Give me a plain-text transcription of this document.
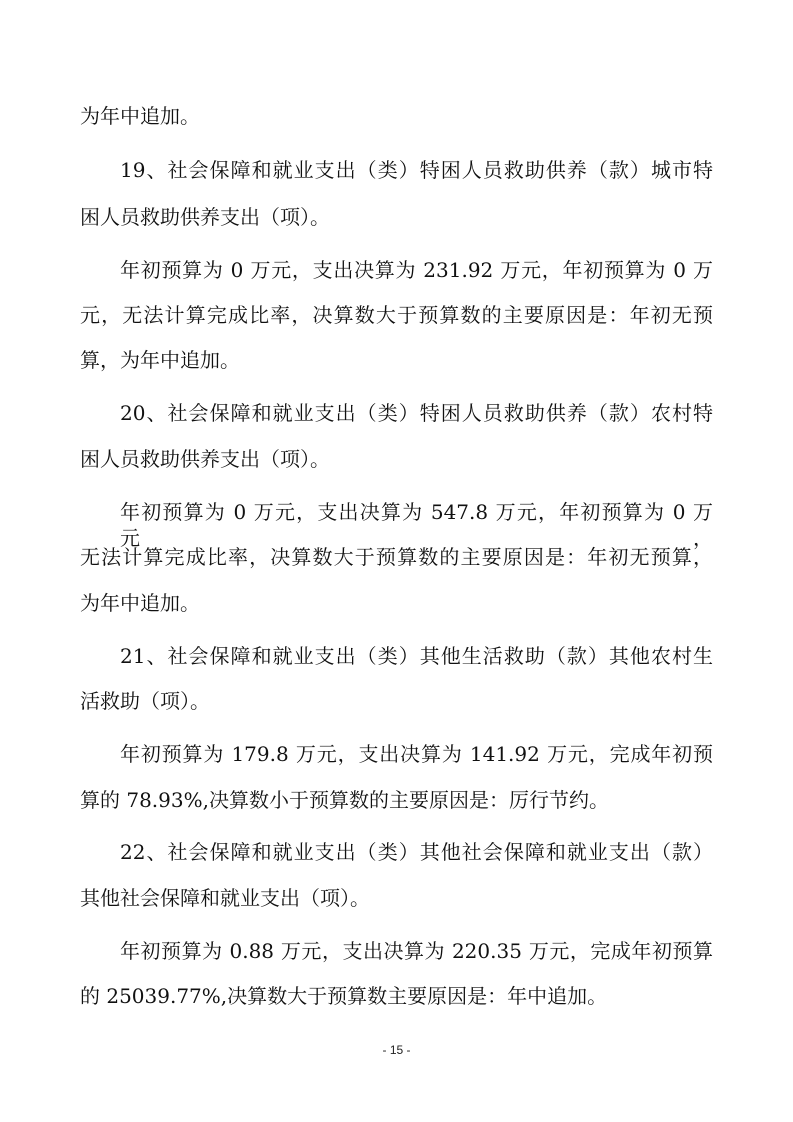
为年中追加。
19、社会保障和就业支出（类）特困人员救助供养（款）城市特
困人员救助供养支出（项）。
年初预算为 0 万元，支出决算为 231.92 万元，年初预算为 0 万
元，无法计算完成比率，决算数大于预算数的主要原因是：年初无预
算，为年中追加。
20、社会保障和就业支出（类）特困人员救助供养（款）农村特
困人员救助供养支出（项）。
年初预算为 0 万元，支出决算为 547.8 万元，年初预算为 0 万元，
无法计算完成比率，决算数大于预算数的主要原因是：年初无预算，
为年中追加。
21、社会保障和就业支出（类）其他生活救助（款）其他农村生
活救助（项）。
年初预算为 179.8 万元，支出决算为 141.92 万元，完成年初预
算的 78.93%,决算数小于预算数的主要原因是：厉行节约。
22、社会保障和就业支出（类）其他社会保障和就业支出（款）
其他社会保障和就业支出（项）。
年初预算为 0.88 万元，支出决算为 220.35 万元，完成年初预算
的 25039.77%,决算数大于预算数主要原因是：年中追加。
- 15 -
